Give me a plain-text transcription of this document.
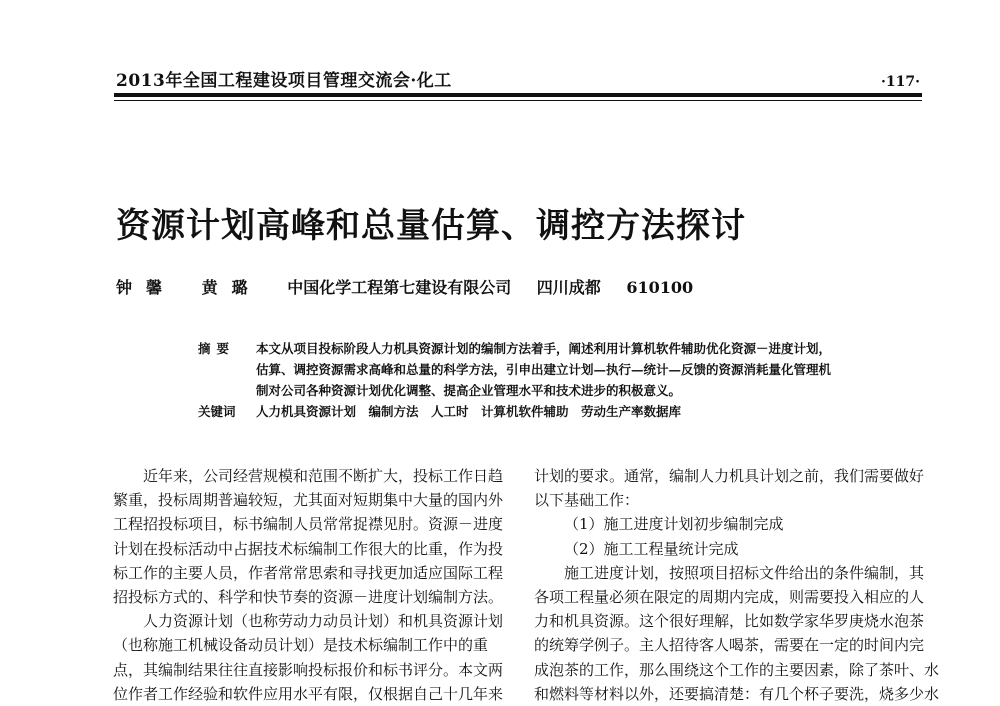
2013年全国工程建设项目管理交流会·化工	·117·
资源计划高峰和总量估算、调控方法探讨
钟馨 黄璐 中国化学工程第七建设有限公司 四川成都 610100
摘要	本文从项目投标阶段人力机具资源计划的编制方法着手，阐述利用计算机软件辅助优化资源－进度计划，
估算、调控资源需求高峰和总量的科学方法，引申出建立计划—执行—统计—反馈的资源消耗量化管理机
制对公司各种资源计划优化调整、提高企业管理水平和技术进步的积极意义。
关键词	人力机具资源计划　编制方法　人工时　计算机软件辅助　劳动生产率数据库
近年来，公司经营规模和范围不断扩大，投标工作日趋
繁重，投标周期普遍较短，尤其面对短期集中大量的国内外
工程招投标项目，标书编制人员常常捉襟见肘。资源－进度
计划在投标活动中占据技术标编制工作很大的比重，作为投
标工作的主要人员，作者常常思索和寻找更加适应国际工程
招投标方式的、科学和快节奏的资源－进度计划编制方法。
人力资源计划（也称劳动力动员计划）和机具资源计划
（也称施工机械设备动员计划）是技术标编制工作中的重
点，其编制结果往往直接影响投标报价和标书评分。本文两
位作者工作经验和软件应用水平有限，仅根据自己十几年来
计划的要求。通常，编制人力机具计划之前，我们需要做好
以下基础工作：
（1）施工进度计划初步编制完成
（2）施工工程量统计完成
施工进度计划，按照项目招标文件给出的条件编制，其
各项工程量必须在限定的周期内完成，则需要投入相应的人
力和机具资源。这个很好理解，比如数学家华罗庚烧水泡茶
的统筹学例子。主人招待客人喝茶，需要在一定的时间内完
成泡茶的工作，那么围绕这个工作的主要因素，除了茶叶、水
和燃料等材料以外，还要搞清楚：有几个杯子要洗，烧多少水
